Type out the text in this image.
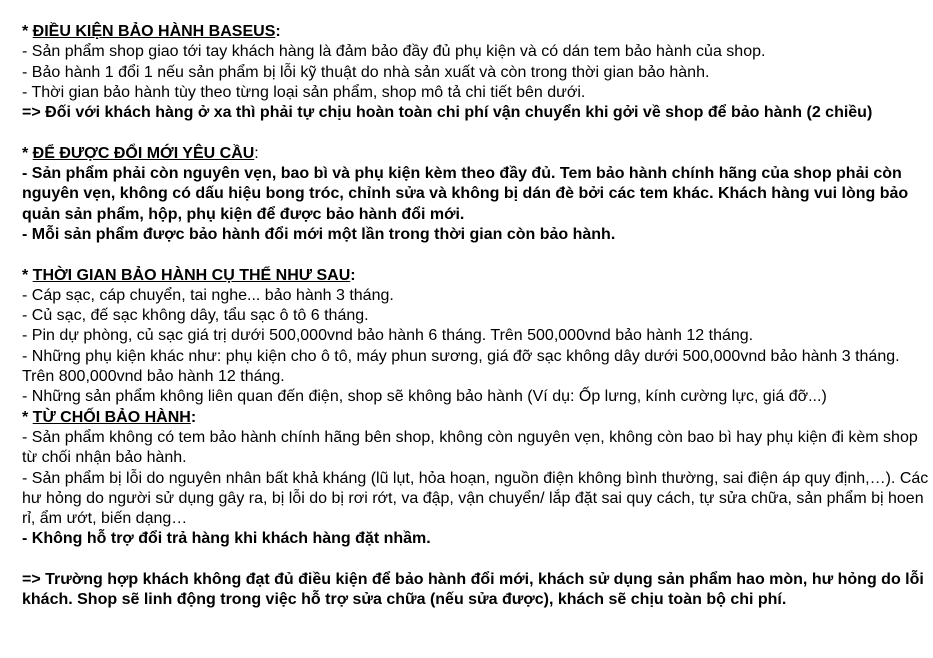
* ĐIỀU KIỆN BẢO HÀNH BASEUS:
- Sản phẩm shop giao tới tay khách hàng là đảm bảo đầy đủ phụ kiện và có dán tem bảo hành của shop.
- Bảo hành 1 đổi 1 nếu sản phẩm bị lỗi kỹ thuật do nhà sản xuất và còn trong thời gian bảo hành.
- Thời gian bảo hành tùy theo từng loại sản phẩm, shop mô tả chi tiết bên dưới.
=> Đối với khách hàng ở xa thì phải tự chịu hoàn toàn chi phí vận chuyển khi gởi về shop để bảo hành (2 chiều)
* ĐỂ ĐƯỢC ĐỔI MỚI YÊU CẦU:
- Sản phẩm phải còn nguyên vẹn, bao bì và phụ kiện kèm theo đầy đủ. Tem bảo hành chính hãng của shop phải còn nguyên vẹn, không có dấu hiệu bong tróc, chỉnh sửa và không bị dán đè bởi các tem khác. Khách hàng vui lòng bảo quản sản phẩm, hộp, phụ kiện để được bảo hành đổi mới.
- Mỗi sản phẩm được bảo hành đổi mới một lần trong thời gian còn bảo hành.
* THỜI GIAN BẢO HÀNH CỤ THỂ NHƯ SAU:
- Cáp sạc, cáp chuyển, tai nghe... bảo hành 3 tháng.
- Củ sạc, đế sạc không dây, tẩu sạc ô tô 6 tháng.
- Pin dự phòng, củ sạc giá trị dưới 500,000vnd bảo hành 6 tháng. Trên 500,000vnd bảo hành 12 tháng.
- Những phụ kiện khác như: phụ kiện cho ô tô, máy phun sương, giá đỡ sạc không dây dưới 500,000vnd bảo hành 3 tháng. Trên 800,000vnd bảo hành 12 tháng.
- Những sản phẩm không liên quan đến điện, shop sẽ không bảo hành (Ví dụ: Ốp lưng, kính cường lực, giá đỡ...)
* TỪ CHỐI BẢO HÀNH:
- Sản phẩm không có tem bảo hành chính hãng bên shop, không còn nguyên vẹn, không còn bao bì hay phụ kiện đi kèm shop từ chối nhận bảo hành.
- Sản phẩm bị lỗi do nguyên nhân bất khả kháng (lũ lụt, hỏa hoạn, nguồn điện không bình thường, sai điện áp quy định,…). Các hư hỏng do người sử dụng gây ra, bị lỗi do bị rơi rớt, va đập, vận chuyển/ lắp đặt sai quy cách, tự sửa chữa, sản phẩm bị hoen rỉ, ẩm ướt, biến dạng…
- Không hỗ trợ đổi trả hàng khi khách hàng đặt nhầm.
=> Trường hợp khách không đạt đủ điều kiện để bảo hành đổi mới, khách sử dụng sản phẩm hao mòn, hư hỏng do lỗi khách. Shop sẽ linh động trong việc hỗ trợ sửa chữa (nếu sửa được), khách sẽ chịu toàn bộ chi phí.
